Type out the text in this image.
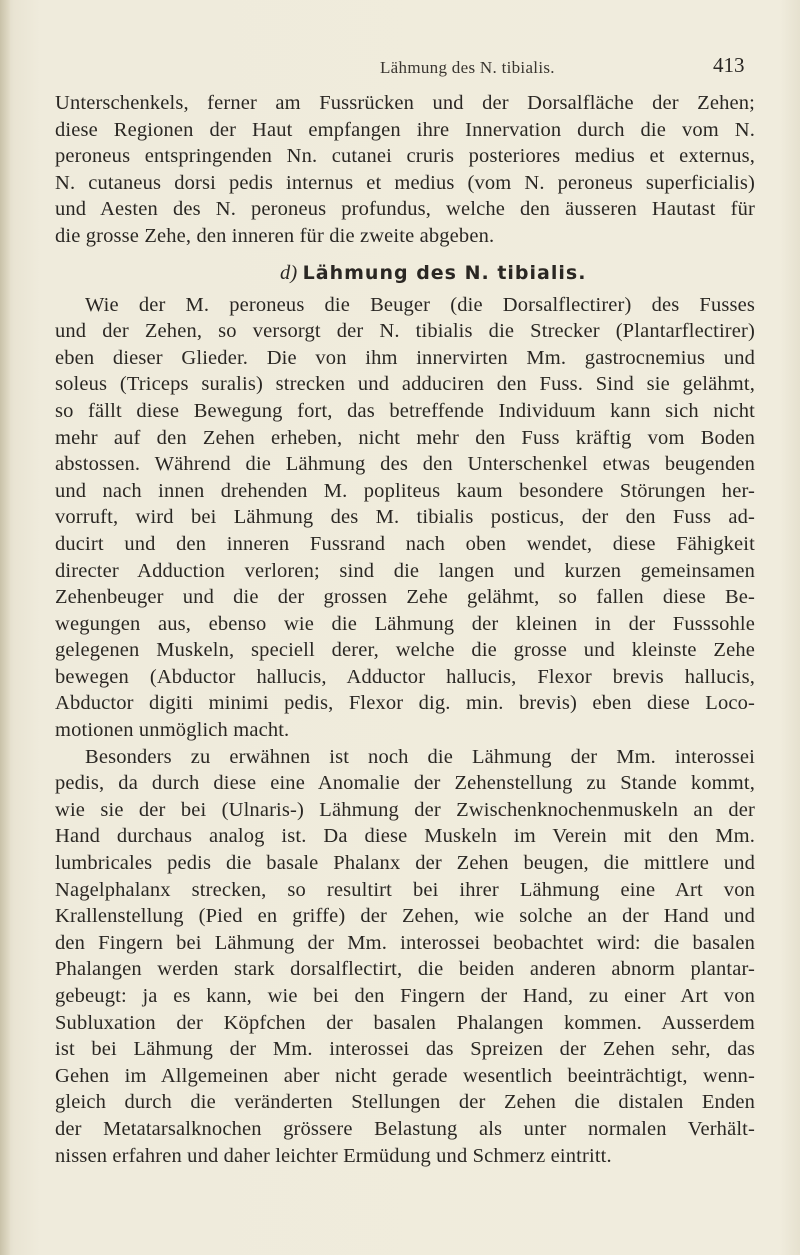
Lähmung des N. tibialis.	413
Unterschenkels, ferner am Fussrücken und der Dorsalfläche der Zehen;
diese Regionen der Haut empfangen ihre Innervation durch die vom N.
peroneus entspringenden Nn. cutanei cruris posteriores medius et externus,
N. cutaneus dorsi pedis internus et medius (vom N. peroneus superficialis)
und Aesten des N. peroneus profundus, welche den äusseren Hautast für
die grosse Zehe, den inneren für die zweite abgeben.
d) Lähmung des N. tibialis.
Wie der M. peroneus die Beuger (die Dorsalflectirer) des Fusses
und der Zehen, so versorgt der N. tibialis die Strecker (Plantarflectirer)
eben dieser Glieder. Die von ihm innervirten Mm. gastrocnemius und
soleus (Triceps suralis) strecken und adduciren den Fuss. Sind sie gelähmt,
so fällt diese Bewegung fort, das betreffende Individuum kann sich nicht
mehr auf den Zehen erheben, nicht mehr den Fuss kräftig vom Boden
abstossen. Während die Lähmung des den Unterschenkel etwas beugenden
und nach innen drehenden M. popliteus kaum besondere Störungen her-
vorruft, wird bei Lähmung des M. tibialis posticus, der den Fuss ad-
ducirt und den inneren Fussrand nach oben wendet, diese Fähigkeit
directer Adduction verloren; sind die langen und kurzen gemeinsamen
Zehenbeuger und die der grossen Zehe gelähmt, so fallen diese Be-
wegungen aus, ebenso wie die Lähmung der kleinen in der Fusssohle
gelegenen Muskeln, speciell derer, welche die grosse und kleinste Zehe
bewegen (Abductor hallucis, Adductor hallucis, Flexor brevis hallucis,
Abductor digiti minimi pedis, Flexor dig. min. brevis) eben diese Loco-
motionen unmöglich macht.
Besonders zu erwähnen ist noch die Lähmung der Mm. interossei
pedis, da durch diese eine Anomalie der Zehenstellung zu Stande kommt,
wie sie der bei (Ulnaris-) Lähmung der Zwischenknochenmuskeln an der
Hand durchaus analog ist. Da diese Muskeln im Verein mit den Mm.
lumbricales pedis die basale Phalanx der Zehen beugen, die mittlere und
Nagelphalanx strecken, so resultirt bei ihrer Lähmung eine Art von
Krallenstellung (Pied en griffe) der Zehen, wie solche an der Hand und
den Fingern bei Lähmung der Mm. interossei beobachtet wird: die basalen
Phalangen werden stark dorsalflectirt, die beiden anderen abnorm plantar-
gebeugt: ja es kann, wie bei den Fingern der Hand, zu einer Art von
Subluxation der Köpfchen der basalen Phalangen kommen. Ausserdem
ist bei Lähmung der Mm. interossei das Spreizen der Zehen sehr, das
Gehen im Allgemeinen aber nicht gerade wesentlich beeinträchtigt, wenn-
gleich durch die veränderten Stellungen der Zehen die distalen Enden
der Metatarsalknochen grössere Belastung als unter normalen Verhält-
nissen erfahren und daher leichter Ermüdung und Schmerz eintritt.
